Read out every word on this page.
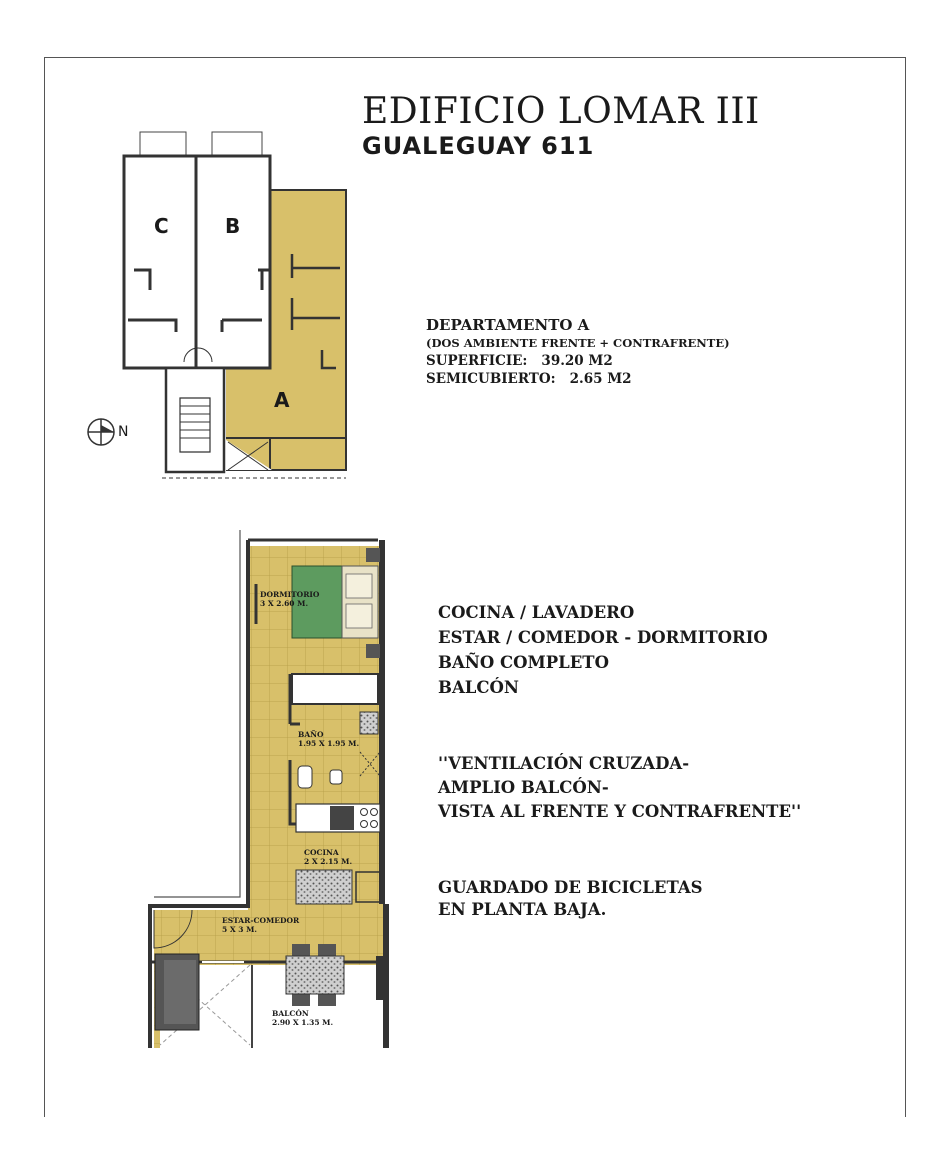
EDIFICIO LOMAR III
GUALEGUAY 611
C	B
A
N
DORMITORIO
3 X 2.60 M.
BAÑO
1.95 X 1.95 M.
COCINA
2 X 2.15 M.
ESTAR-COMEDOR
5 X 3 M.
BALCÓN
2.90 X 1.35 M.
DEPARTAMENTO A
(DOS AMBIENTE FRENTE + CONTRAFRENTE)
SUPERFICIE: 39.20 M2
SEMICUBIERTO: 2.65 M2
COCINA / LAVADERO
ESTAR / COMEDOR - DORMITORIO
BAÑO COMPLETO
BALCÓN
''VENTILACIÓN CRUZADA-
AMPLIO BALCÓN-
VISTA AL FRENTE Y CONTRAFRENTE''
GUARDADO DE BICICLETAS
EN PLANTA BAJA.
